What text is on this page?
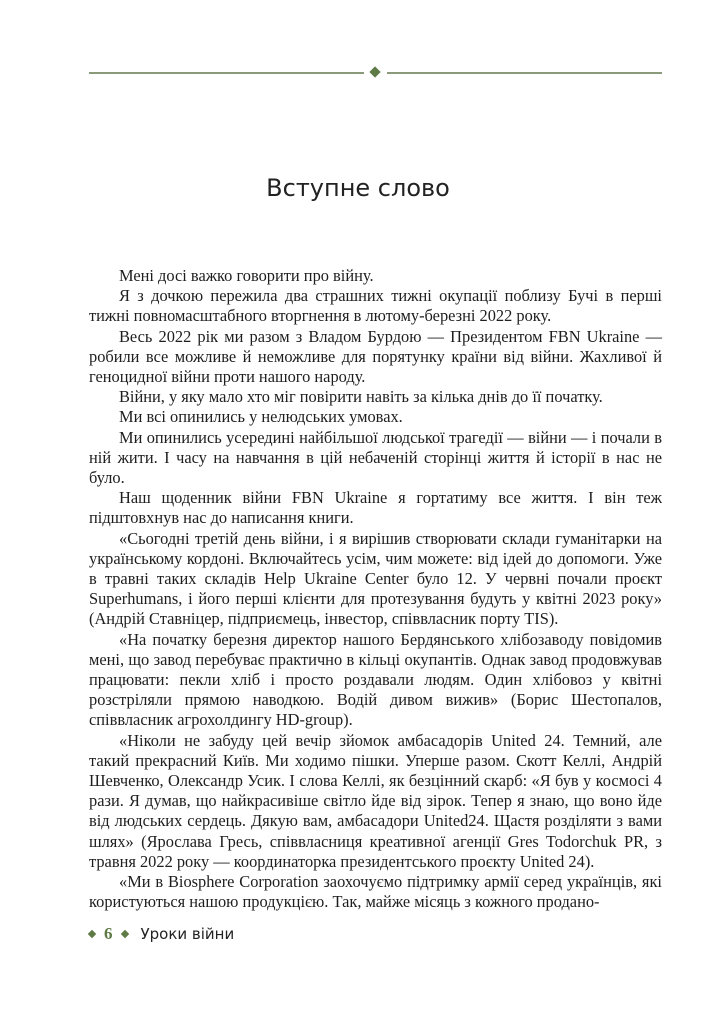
Вступне слово

Мені досі важко говорити про війну.

Я з дочкою пережила два страшних тижні окупації поблизу Бучі в перші тижні повномасштабного вторгнення в лютому-березні 2022 року.

Весь 2022 рік ми разом з Владом Бурдою — Президентом FBN Ukraine — робили все можливе й неможливе для порятунку країни від війни. Жахливої й геноцидної війни проти нашого народу.

Війни, у яку мало хто міг повірити навіть за кілька днів до її початку.

Ми всі опинились у нелюдських умовах.

Ми опинились усередині найбільшої людської трагедії — війни — і почали в ній жити. І часу на навчання в цій небаченій сторінці життя й історії в нас не було.

Наш щоденник війни FBN Ukraine я гортатиму все життя. І він теж підштовхнув нас до написання книги.

«Сьогодні третій день війни, і я вирішив створювати склади гуманітарки на українському кордоні. Включайтесь усім, чим можете: від ідей до допомоги. Уже в травні таких складів Help Ukraine Center було 12. У червні почали проєкт Superhumans, і його перші клієнти для протезування будуть у квітні 2023 року» (Андрій Ставніцер, підприємець, інвестор, співвласник порту TIS).

«На початку березня директор нашого Бердянського хлібозаводу повідомив мені, що завод перебуває практично в кільці окупантів. Однак завод продовжував працювати: пекли хліб і просто роздавали людям. Один хлібовоз у квітні розстріляли прямою наводкою. Водій дивом вижив» (Борис Шестопалов, співвласник агрохолдингу HD-group).

«Ніколи не забуду цей вечір зйомок амбасадорів United 24. Темний, але такий прекрасний Київ. Ми ходимо пішки. Уперше разом. Скотт Келлі, Андрій Шевченко, Олександр Усик. І слова Келлі, як безцінний скарб: «Я був у космосі 4 рази. Я думав, що найкрасивіше світло йде від зірок. Тепер я знаю, що воно йде від людських сердець. Дякую вам, амбасадори United24. Щастя розділяти з вами шлях» (Ярослава Гресь, співвласниця креативної агенції Gres Todorchuk PR, з травня 2022 року — координаторка президентського проєкту United 24).

«Ми в Biosphere Corporation заохочуємо підтримку армії серед українців, які користуються нашою продукцією. Так, майже місяць з кожного продано-

6 Уроки війни
